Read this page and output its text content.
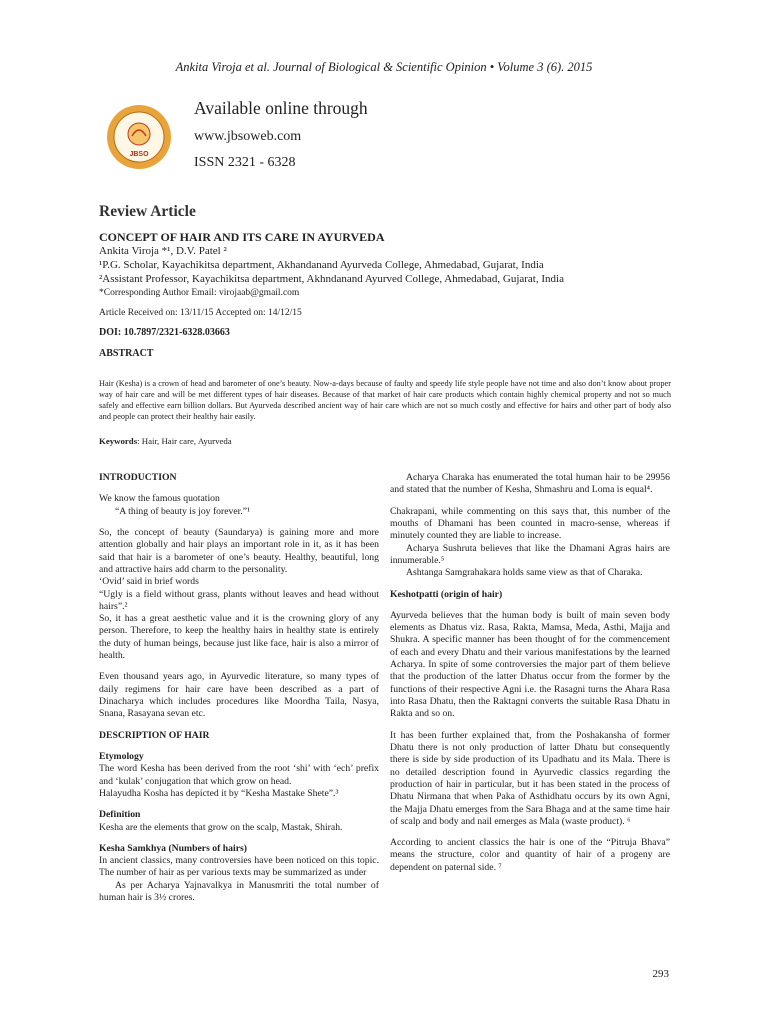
Ankita Viroja et al. Journal of Biological & Scientific Opinion • Volume 3 (6). 2015
JBSO
Available online through
www.jbsoweb.com
ISSN 2321 - 6328
Review Article
CONCEPT OF HAIR AND ITS CARE IN AYURVEDA
Ankita Viroja *¹, D.V. Patel ²
¹P.G. Scholar, Kayachikitsa department, Akhandanand Ayurveda College, Ahmedabad, Gujarat, India
²Assistant Professor, Kayachikitsa department, Akhndanand Ayurved College, Ahmedabad, Gujarat, India
*Corresponding Author Email: virojaab@gmail.com
Article Received on: 13/11/15 Accepted on: 14/12/15
DOI: 10.7897/2321-6328.03663
ABSTRACT
Hair (Kesha) is a crown of head and barometer of one’s beauty. Now-a-days because of faulty and speedy life style people have not time and also don’t know about proper way of hair care and will be met different types of hair diseases. Because of that market of hair care products which contain highly chemical property and not so much safely and effective earn billion dollars. But Ayurveda described ancient way of hair care which are not so much costly and effective for hairs and other part of body also and people can protect their healthy hair easily.
Keywords: Hair, Hair care, Ayurveda

INTRODUCTION

We know the famous quotation

“A thing of beauty is joy forever.”¹

So, the concept of beauty (Saundarya) is gaining more and more attention globally and hair plays an important role in it, as it has been said that hair is a barometer of one’s beauty. Healthy, beautiful, long and attractive hairs add charm to the personality.

‘Ovid’ said in brief words

“Ugly is a field without grass, plants without leaves and head without hairs”.²

So, it has a great aesthetic value and it is the crowning glory of any person. Therefore, to keep the healthy hairs in healthy state is entirely the duty of human beings, because just like face, hair is also a mirror of health.

Even thousand years ago, in Ayurvedic literature, so many types of daily regimens for hair care have been described as a part of Dinacharya which includes procedures like Moordha Taila, Nasya, Snana, Rasayana sevan etc.

DESCRIPTION OF HAIR

Etymology

The word Kesha has been derived from the root ‘shi’ with ‘ech’ prefix and ‘kulak’ conjugation that which grow on head.

Halayudha Kosha has depicted it by “Kesha Mastake Shete”.³

Definition

Kesha are the elements that grow on the scalp, Mastak, Shirah.

Kesha Samkhya (Numbers of hairs)

In ancient classics, many controversies have been noticed on this topic. The number of hair as per various texts may be summarized as under

As per Acharya Yajnavalkya in Manusmriti the total number of human hair is 3½ crores.

Acharya Charaka has enumerated the total human hair to be 29956 and stated that the number of Kesha, Shmashru and Loma is equal⁴.

Chakrapani, while commenting on this says that, this number of the mouths of Dhamani has been counted in macro-sense, whereas if minutely counted they are liable to increase.

Acharya Sushruta believes that like the Dhamani Agras hairs are innumerable.⁵

Ashtanga Samgrahakara holds same view as that of Charaka.

Keshotpatti (origin of hair)

Ayurveda believes that the human body is built of main seven body elements as Dhatus viz. Rasa, Rakta, Mamsa, Meda, Asthi, Majja and Shukra. A specific manner has been thought of for the commencement of each and every Dhatu and their various manifestations by the learned Acharya. In spite of some controversies the major part of them believe that the production of the latter Dhatus occur from the former by the functions of their respective Agni i.e. the Rasagni turns the Ahara Rasa into Rasa Dhatu, then the Raktagni converts the suitable Rasa Dhatu in Rakta and so on.

It has been further explained that, from the Poshakansha of former Dhatu there is not only production of latter Dhatu but consequently there is side by side production of its Upadhatu and its Mala. There is no detailed description found in Ayurvedic classics regarding the production of hair in particular, but it has been stated in the process of Dhatu Nirmana that when Paka of Asthidhatu occurs by its own Agni, the Majja Dhatu emerges from the Sara Bhaga and at the same time hair of scalp and body and nail emerges as Mala (waste product). ⁶

According to ancient classics the hair is one of the “Pitruja Bhava” means the structure, color and quantity of hair of a progeny are dependent on paternal side. ⁷

293
